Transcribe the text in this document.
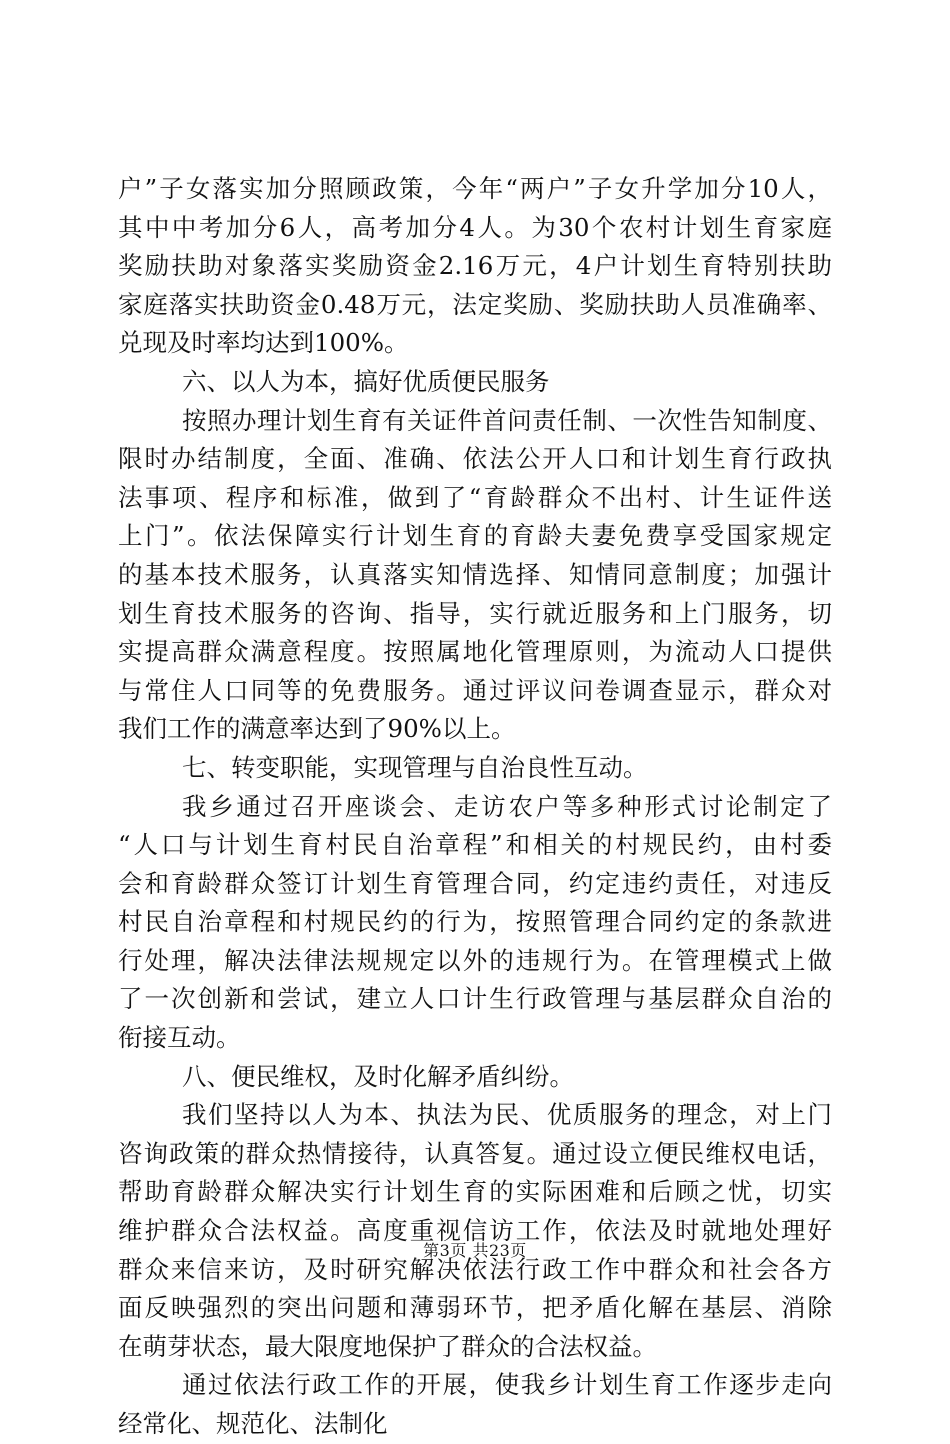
户”子女落实加分照顾政策，今年“两户”子女升学加分10人，
其中中考加分6人，高考加分4人。为30个农村计划生育家庭
奖励扶助对象落实奖励资金2.16万元，4户计划生育特别扶助
家庭落实扶助资金0.48万元，法定奖励、奖励扶助人员准确率、
兑现及时率均达到100%。
六、以人为本，搞好优质便民服务
按照办理计划生育有关证件首问责任制、一次性告知制度、
限时办结制度，全面、准确、依法公开人口和计划生育行政执
法事项、程序和标准，做到了“育龄群众不出村、计生证件送
上门”。依法保障实行计划生育的育龄夫妻免费享受国家规定
的基本技术服务，认真落实知情选择、知情同意制度；加强计
划生育技术服务的咨询、指导，实行就近服务和上门服务，切
实提高群众满意程度。按照属地化管理原则，为流动人口提供
与常住人口同等的免费服务。通过评议问卷调查显示，群众对
我们工作的满意率达到了90%以上。
七、转变职能，实现管理与自治良性互动。
我乡通过召开座谈会、走访农户等多种形式讨论制定了
“人口与计划生育村民自治章程”和相关的村规民约，由村委
会和育龄群众签订计划生育管理合同，约定违约责任，对违反
村民自治章程和村规民约的行为，按照管理合同约定的条款进
行处理，解决法律法规规定以外的违规行为。在管理模式上做
了一次创新和尝试，建立人口计生行政管理与基层群众自治的
衔接互动。
八、便民维权，及时化解矛盾纠纷。
我们坚持以人为本、执法为民、优质服务的理念，对上门
咨询政策的群众热情接待，认真答复。通过设立便民维权电话，
帮助育龄群众解决实行计划生育的实际困难和后顾之忧，切实
维护群众合法权益。高度重视信访工作，依法及时就地处理好
群众来信来访，及时研究解决依法行政工作中群众和社会各方
面反映强烈的突出问题和薄弱环节，把矛盾化解在基层、消除
在萌芽状态，最大限度地保护了群众的合法权益。
通过依法行政工作的开展，使我乡计划生育工作逐步走向
经常化、规范化、法制化
第3页 共23页
